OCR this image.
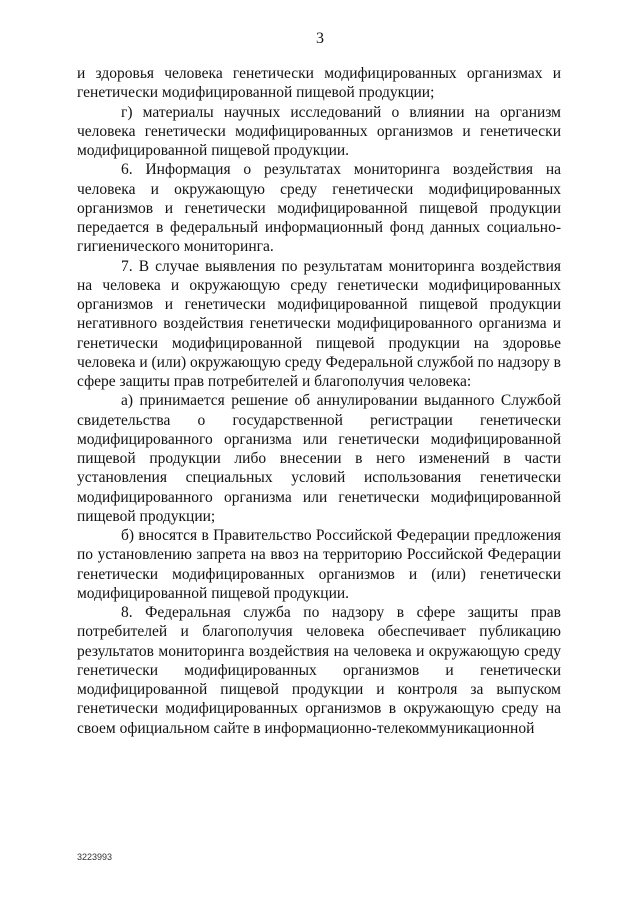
3

и здоровья человека генетически модифицированных организмах и генетически модифицированной пищевой продукции;

г) материалы научных исследований о влиянии на организм человека генетически модифицированных организмов и генетически модифицированной пищевой продукции.

6. Информация о результатах мониторинга воздействия на человека и окружающую среду генетически модифицированных организмов и генетически модифицированной пищевой продукции передается в федеральный информационный фонд данных социально-гигиенического мониторинга.

7. В случае выявления по результатам мониторинга воздействия на человека и окружающую среду генетически модифицированных организмов и генетически модифицированной пищевой продукции негативного воздействия генетически модифицированного организма и генетически модифицированной пищевой продукции на здоровье человека и (или) окружающую среду Федеральной службой по надзору в сфере защиты прав потребителей и благополучия человека:

а) принимается решение об аннулировании выданного Службой свидетельства о государственной регистрации генетически модифицированного организма или генетически модифицированной пищевой продукции либо внесении в него изменений в части установления специальных условий использования генетически модифицированного организма или генетически модифицированной пищевой продукции;

б) вносятся в Правительство Российской Федерации предложения по установлению запрета на ввоз на территорию Российской Федерации генетически модифицированных организмов и (или) генетически модифицированной пищевой продукции.

8. Федеральная служба по надзору в сфере защиты прав потребителей и благополучия человека обеспечивает публикацию результатов мониторинга воздействия на человека и окружающую среду генетически модифицированных организмов и генетически модифицированной пищевой продукции и контроля за выпуском генетически модифицированных организмов в окружающую среду на своем официальном сайте в информационно-телекоммуникационной

3223993
